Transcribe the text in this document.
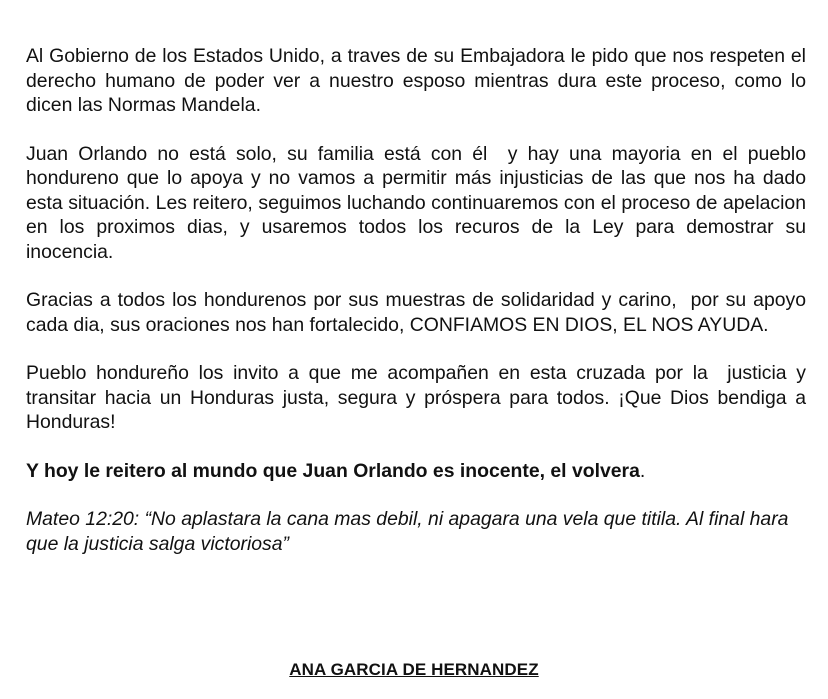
Al Gobierno de los Estados Unido, a traves de su Embajadora le pido que nos respeten el derecho humano de poder ver a nuestro esposo mientras dura este proceso, como lo dicen las Normas Mandela.

Juan Orlando no está solo, su familia está con él  y hay una mayoria en el pueblo hondureno que lo apoya y no vamos a permitir más injusticias de las que nos ha dado esta situación. Les reitero, seguimos luchando continuaremos con el proceso de apelacion en los proximos dias, y usaremos todos los recuros de la Ley para demostrar su inocencia.

Gracias a todos los hondurenos por sus muestras de solidaridad y carino,  por su apoyo cada dia, sus oraciones nos han fortalecido, CONFIAMOS EN DIOS, EL NOS AYUDA.

Pueblo hondureño los invito a que me acompañen en esta cruzada por la  justicia y transitar hacia un Honduras justa, segura y próspera para todos. ¡Que Dios bendiga a Honduras!

Y hoy le reitero al mundo que Juan Orlando es inocente, el volvera.

Mateo 12:20: “No aplastara la cana mas debil, ni apagara una vela que titila. Al final hara que la justicia salga victoriosa”

ANA GARCIA DE HERNANDEZ
